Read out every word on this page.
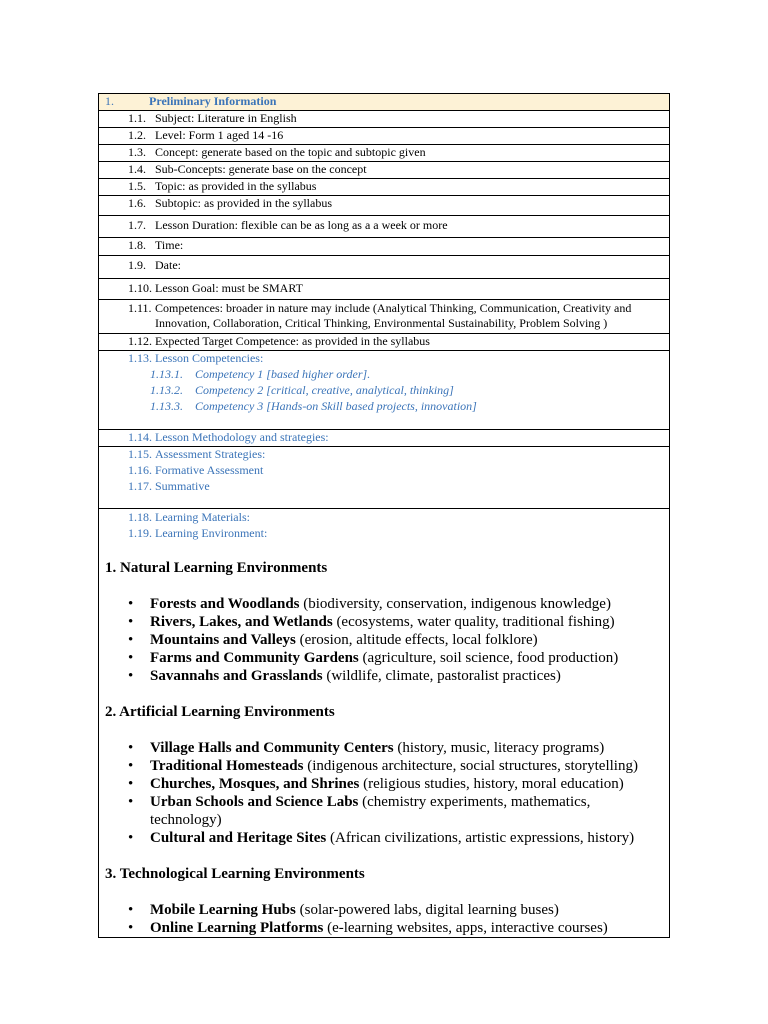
1.	Preliminary Information

1.1. Subject: Literature in English

1.2. Level: Form 1 aged 14 -16

1.3. Concept: generate based on the topic and subtopic given

1.4. Sub-Concepts: generate base on the concept

1.5. Topic: as provided in the syllabus

1.6. Subtopic: as provided in the syllabus

1.7. Lesson Duration: flexible can be as long as a a week or more

1.8. Time:

1.9. Date:

1.10. Lesson Goal: must be SMART

1.11. Competences: broader in nature may include (Analytical Thinking, Communication, Creativity and Innovation, Collaboration, Critical Thinking, Environmental Sustainability, Problem Solving )

1.12. Expected Target Competence: as provided in the syllabus

1.13. Lesson Competencies:
1.13.1.	Competency 1 [based higher order].
1.13.2.	Competency 2 [critical, creative, analytical, thinking]
1.13.3.	Competency 3 [Hands-on Skill based projects, innovation]

1.14. Lesson Methodology and strategies:

1.15. Assessment Strategies:
1.16. Formative Assessment
1.17. Summative

1.18. Learning Materials:
1.19. Learning Environment:

1. Natural Learning Environments

• Forests and Woodlands (biodiversity, conservation, indigenous knowledge)
• Rivers, Lakes, and Wetlands (ecosystems, water quality, traditional fishing)
• Mountains and Valleys (erosion, altitude effects, local folklore)
• Farms and Community Gardens (agriculture, soil science, food production)
• Savannahs and Grasslands (wildlife, climate, pastoralist practices)

2. Artificial Learning Environments

• Village Halls and Community Centers (history, music, literacy programs)
• Traditional Homesteads (indigenous architecture, social structures, storytelling)
• Churches, Mosques, and Shrines (religious studies, history, moral education)
• Urban Schools and Science Labs (chemistry experiments, mathematics, technology)
• Cultural and Heritage Sites (African civilizations, artistic expressions, history)

3. Technological Learning Environments

• Mobile Learning Hubs (solar-powered labs, digital learning buses)
• Online Learning Platforms (e-learning websites, apps, interactive courses)
